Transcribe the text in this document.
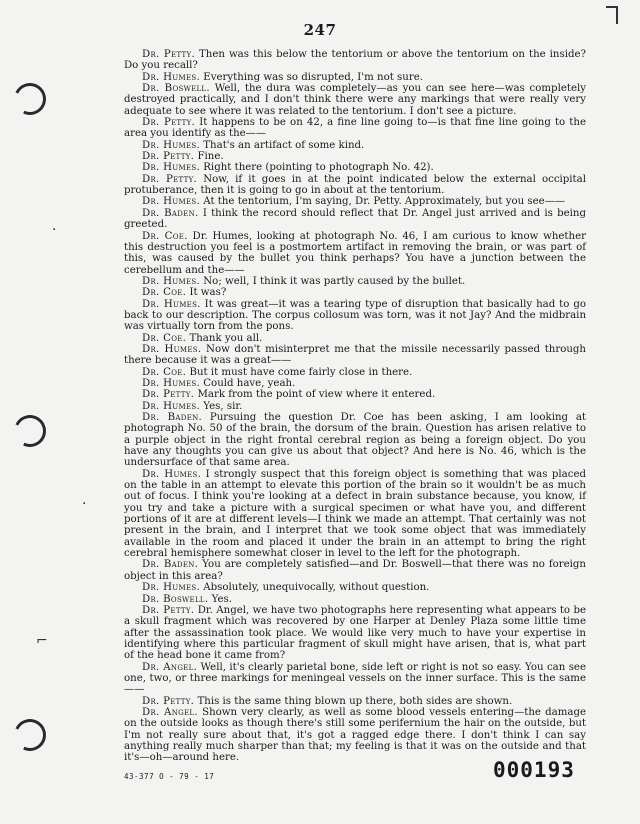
247
·
·
⌐

Dr. Petty. Then was this below the tentorium or above the tentorium on the inside? Do you recall?

Dr. Humes. Everything was so disrupted, I'm not sure.

Dr. Boswell. Well, the dura was completely—as you can see here—was completely destroyed practically, and I don't think there were any markings that were really very adequate to see where it was related to the tentorium. I don't see a picture.

Dr. Petty. It happens to be on 42, a fine line going to—is that fine line going to the area you identify as the——

Dr. Humes. That's an artifact of some kind.

Dr. Petty. Fine.

Dr. Humes. Right there (pointing to photograph No. 42).

Dr. Petty. Now, if it goes in at the point indicated below the external occipital protuberance, then it is going to go in about at the tentorium.

Dr. Humes. At the tentorium, I'm saying, Dr. Petty. Approximately, but you see——

Dr. Baden. I think the record should reflect that Dr. Angel just arrived and is being greeted.

Dr. Coe. Dr. Humes, looking at photograph No. 46, I am curious to know whether this destruction you feel is a postmortem artifact in removing the brain, or was part of this, was caused by the bullet you think perhaps? You have a junction between the cerebellum and the——

Dr. Humes. No; well, I think it was partly caused by the bullet.

Dr. Coe. It was?

Dr. Humes. It was great—it was a tearing type of disruption that basically had to go back to our description. The corpus collosum was torn, was it not Jay? And the midbrain was virtually torn from the pons.

Dr. Coe. Thank you all.

Dr. Humes. Now don't misinterpret me that the missile necessarily passed through there because it was a great——

Dr. Coe. But it must have come fairly close in there.

Dr. Humes. Could have, yeah.

Dr. Petty. Mark from the point of view where it entered.

Dr. Humes. Yes, sir.

Dr. Baden. Pursuing the question Dr. Coe has been asking, I am looking at photograph No. 50 of the brain, the dorsum of the brain. Question has arisen relative to a purple object in the right frontal cerebral region as being a foreign object. Do you have any thoughts you can give us about that object? And here is No. 46, which is the undersurface of that same area.

Dr. Humes. I strongly suspect that this foreign object is something that was placed on the table in an attempt to elevate this portion of the brain so it wouldn't be as much out of focus. I think you're looking at a defect in brain substance because, you know, if you try and take a picture with a surgical specimen or what have you, and different portions of it are at different levels—I think we made an attempt. That certainly was not present in the brain, and I interpret that we took some object that was immediately available in the room and placed it under the brain in an attempt to bring the right cerebral hemisphere somewhat closer in level to the left for the photograph.

Dr. Baden. You are completely satisfied—and Dr. Boswell—that there was no foreign object in this area?

Dr. Humes. Absolutely, unequivocally, without question.

Dr. Boswell. Yes.

Dr. Petty. Dr. Angel, we have two photographs here representing what appears to be a skull fragment which was recovered by one Harper at Denley Plaza some little time after the assassination took place. We would like very much to have your expertise in identifying where this particular fragment of skull might have arisen, that is, what part of the head bone it came from?

Dr. Angel. Well, it's clearly parietal bone, side left or right is not so easy. You can see one, two, or three markings for meningeal vessels on the inner surface. This is the same——

Dr. Petty. This is the same thing blown up there, both sides are shown.

Dr. Angel. Shown very clearly, as well as some blood vessels entering—the damage on the outside looks as though there's still some perifernium the hair on the outside, but I'm not really sure about that, it's got a ragged edge there. I don't think I can say anything really much sharper than that; my feeling is that it was on the outside and that it's—oh—around here.

43-377 O - 79 - 17	000193
